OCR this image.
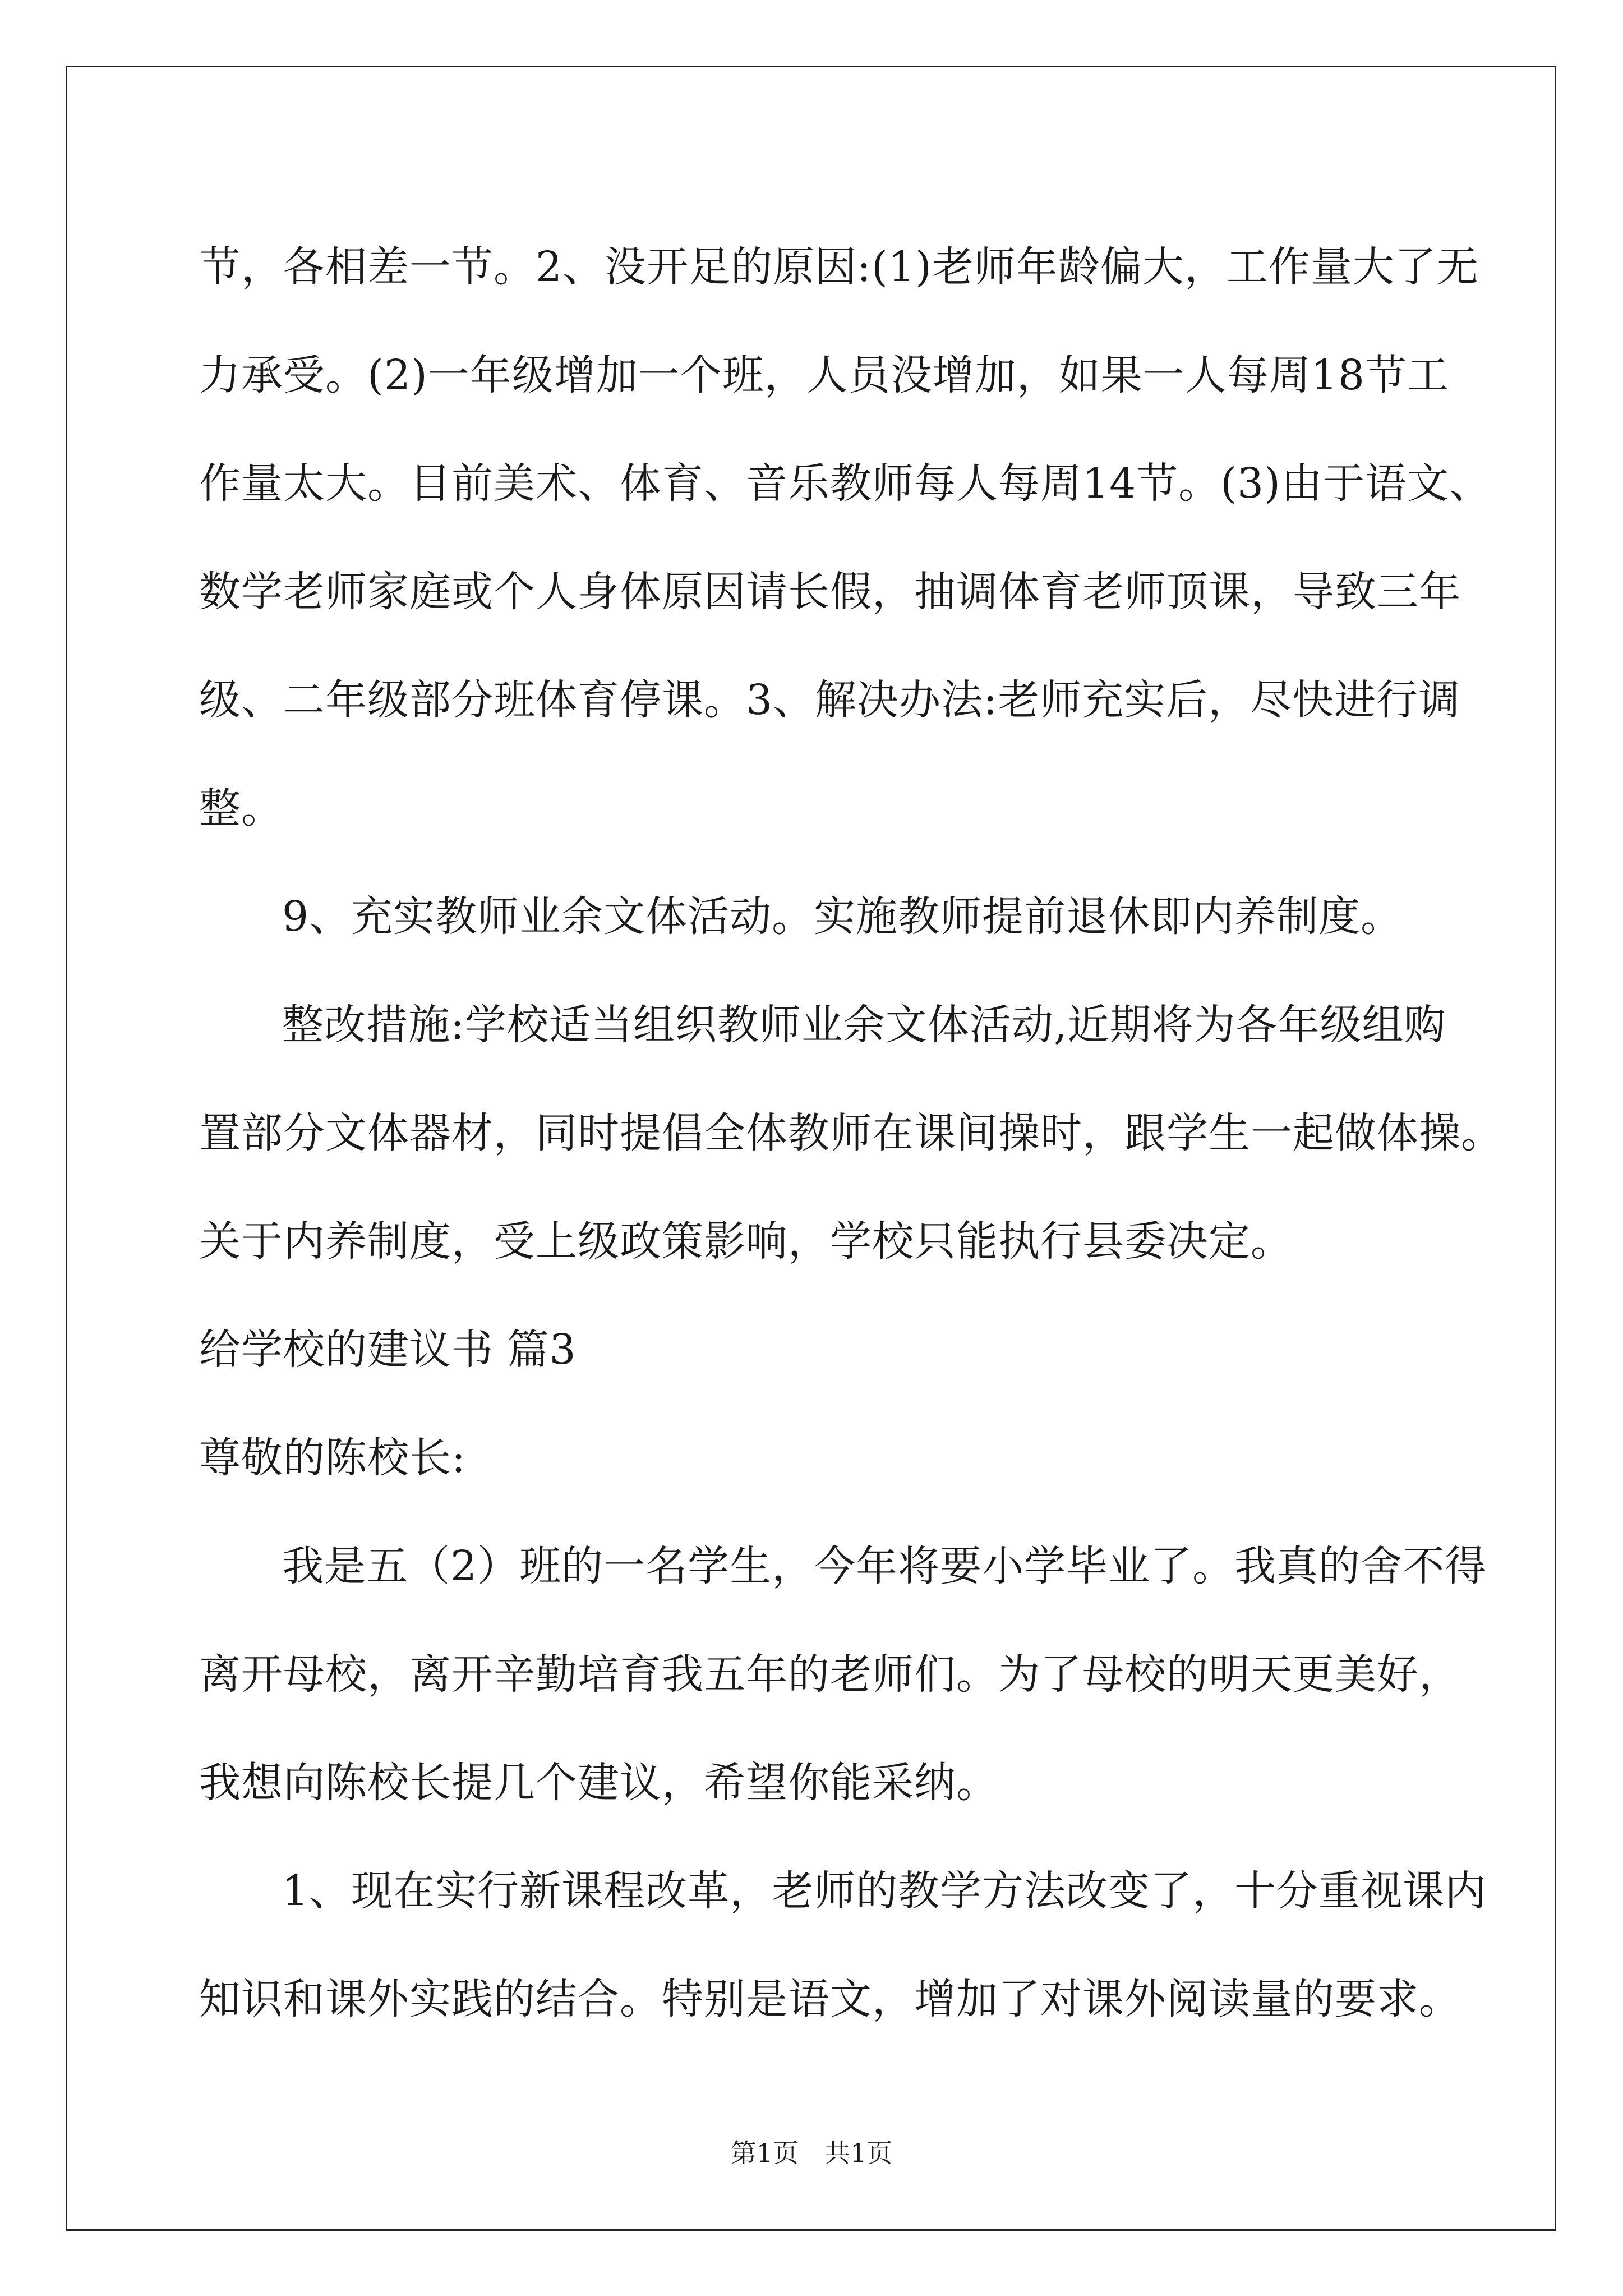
节，各相差一节。2、没开足的原因:(1)老师年龄偏大，工作量大了无
力承受。(2)一年级增加一个班，人员没增加，如果一人每周18节工
作量太大。目前美术、体育、音乐教师每人每周14节。(3)由于语文、
数学老师家庭或个人身体原因请长假，抽调体育老师顶课，导致三年
级、二年级部分班体育停课。3、解决办法:老师充实后，尽快进行调
整。
9、充实教师业余文体活动。实施教师提前退休即内养制度。
整改措施:学校适当组织教师业余文体活动,近期将为各年级组购
置部分文体器材，同时提倡全体教师在课间操时，跟学生一起做体操。
关于内养制度，受上级政策影响，学校只能执行县委决定。
给学校的建议书 篇3
尊敬的陈校长:
我是五（2）班的一名学生，今年将要小学毕业了。我真的舍不得
离开母校，离开辛勤培育我五年的老师们。为了母校的明天更美好，
我想向陈校长提几个建议，希望你能采纳。
1、现在实行新课程改革，老师的教学方法改变了，十分重视课内
知识和课外实践的结合。特别是语文，增加了对课外阅读量的要求。
第1页　共1页
